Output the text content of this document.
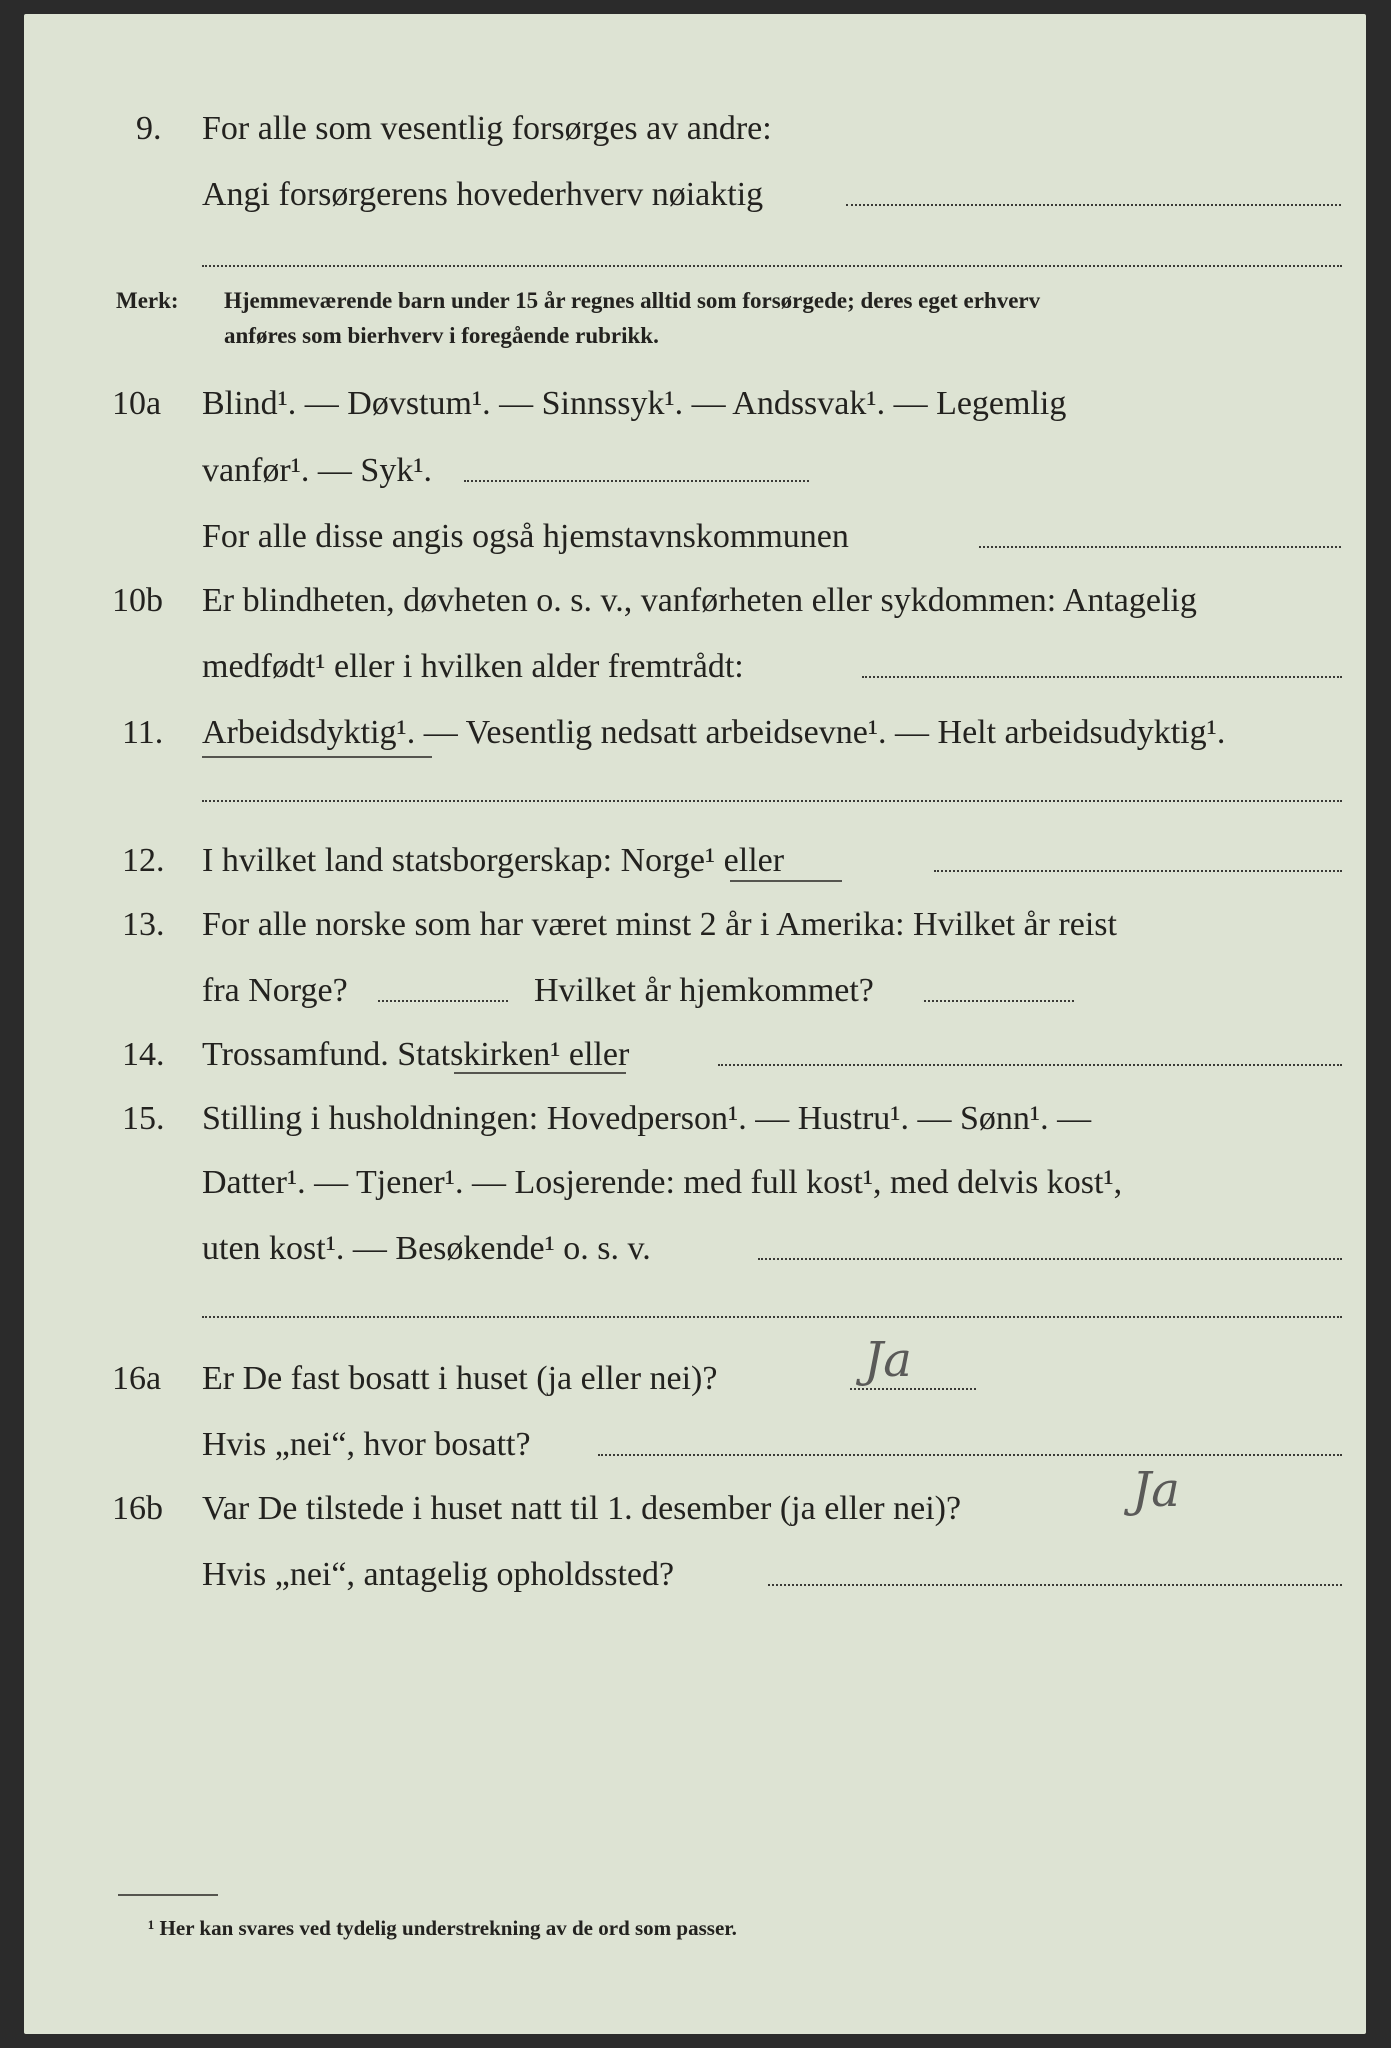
9. For alle som vesentlig forsørges av andre:
Angi forsørgerens hovederhverv nøiaktig
Merk: Hjemmeværende barn under 15 år regnes alltid som forsørgede; deres eget erhverv
anføres som bierhverv i foregående rubrikk.
10a Blind¹. — Døvstum¹. — Sinnssyk¹. — Andssvak¹. — Legemlig
vanfør¹. — Syk¹.
For alle disse angis også hjemstavnskommunen
10b Er blindheten, døvheten o. s. v., vanførheten eller sykdommen: Antagelig
medfødt¹ eller i hvilken alder fremtrådt:
11. Arbeidsdyktig¹. — Vesentlig nedsatt arbeidsevne¹. — Helt arbeidsudyktig¹.
12. I hvilket land statsborgerskap: Norge¹ eller
13. For alle norske som har været minst 2 år i Amerika: Hvilket år reist
fra Norge?	Hvilket år hjemkommet?
14. Trossamfund. Statskirken¹ eller
15. Stilling i husholdningen: Hovedperson¹. — Hustru¹. — Sønn¹. —
Datter¹. — Tjener¹. — Losjerende: med full kost¹, med delvis kost¹,
uten kost¹. — Besøkende¹ o. s. v.
16a Er De fast bosatt i huset (ja eller nei)?	Ja
Hvis „nei“, hvor bosatt?
16b Var De tilstede i huset natt til 1. desember (ja eller nei)?	Ja
Hvis „nei“, antagelig opholdssted?
¹ Her kan svares ved tydelig understrekning av de ord som passer.
